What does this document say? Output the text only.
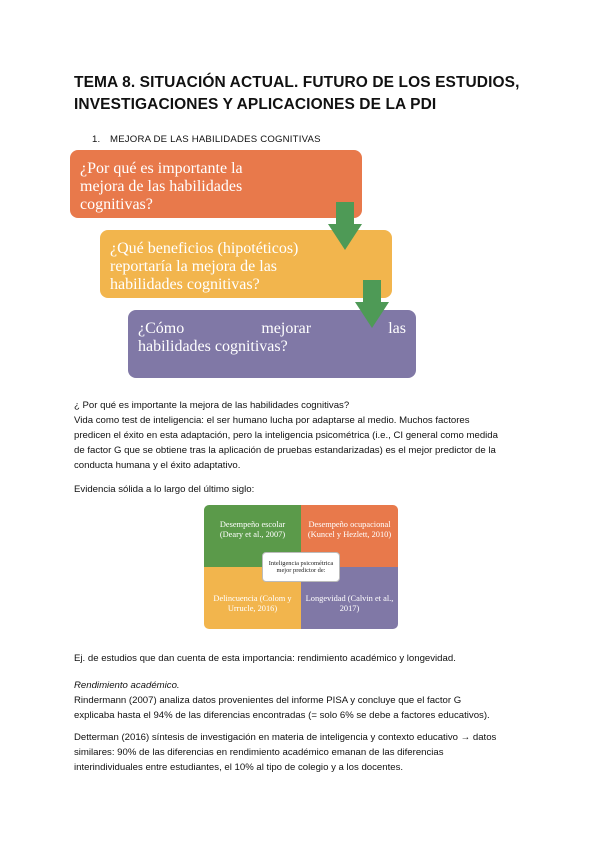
TEMA 8. SITUACIÓN ACTUAL. FUTURO DE LOS ESTUDIOS,
INVESTIGACIONES Y APLICACIONES DE LA PDI
1. MEJORA DE LAS HABILIDADES COGNITIVAS
¿Por qué es importante la
mejora de las habilidades
cognitivas?
¿Qué beneficios (hipotéticos)
reportaría la mejora de las
habilidades cognitivas?
¿Cómo	mejorar	las
habilidades cognitivas?
¿ Por qué es importante la mejora de las habilidades cognitivas?
Vida como test de inteligencia: el ser humano lucha por adaptarse al medio. Muchos factores
predicen el éxito en esta adaptación, pero la inteligencia psicométrica (i.e., CI general como medida
de factor G que se obtiene tras la aplicación de pruebas estandarizadas) es el mejor predictor de la
conducta humana y el éxito adaptativo.
Evidencia sólida a lo largo del último siglo:
Desempeño escolar (Deary et al., 2007)
Desempeño ocupacional (Kuncel y Hezlett, 2010)
Delincuencia (Colom y Urrucle, 2016)
Longevidad (Calvin et al., 2017)
Inteligencia psicométrica mejor predictor de:
Ej. de estudios que dan cuenta de esta importancia: rendimiento académico y longevidad.
Rendimiento académico.
Rindermann (2007) analiza datos provenientes del informe PISA y concluye que el factor G
explicaba hasta el 94% de las diferencias encontradas (= solo 6% se debe a factores educativos).
Detterman (2016) síntesis de investigación en materia de inteligencia y contexto educativo → datos
similares: 90% de las diferencias en rendimiento académico emanan de las diferencias
interindividuales entre estudiantes, el 10% al tipo de colegio y a los docentes.
